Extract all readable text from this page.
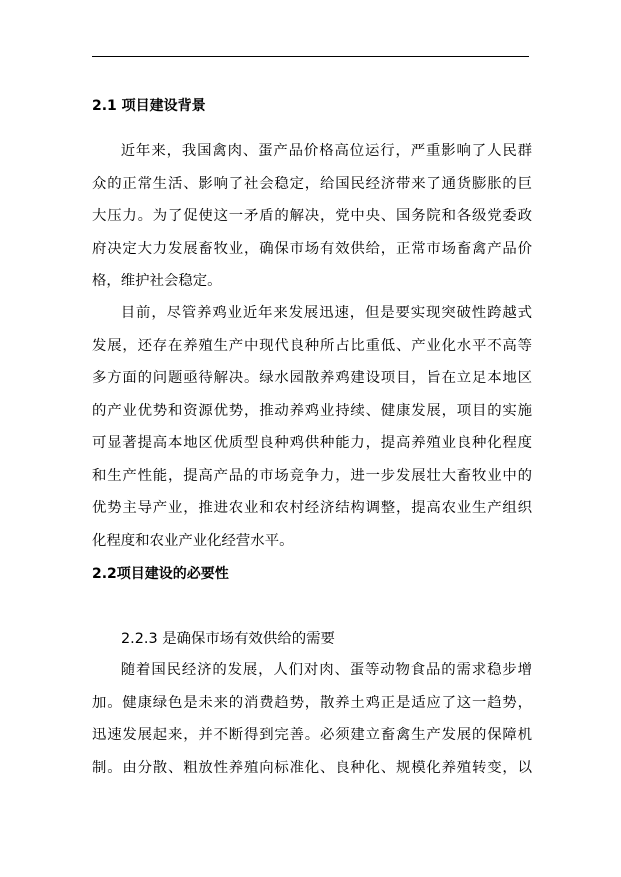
2.1 项目建设背景
近年来，我国禽肉、蛋产品价格高位运行，严重影响了人民群
众的正常生活、影响了社会稳定，给国民经济带来了通货膨胀的巨
大压力。为了促使这一矛盾的解决，党中央、国务院和各级党委政
府决定大力发展畜牧业，确保市场有效供给，正常市场畜禽产品价
格，维护社会稳定。
目前，尽管养鸡业近年来发展迅速，但是要实现突破性跨越式
发展，还存在养殖生产中现代良种所占比重低、产业化水平不高等
多方面的问题亟待解决。绿水园散养鸡建设项目，旨在立足本地区
的产业优势和资源优势，推动养鸡业持续、健康发展，项目的实施
可显著提高本地区优质型良种鸡供种能力，提高养殖业良种化程度
和生产性能，提高产品的市场竞争力，进一步发展壮大畜牧业中的
优势主导产业，推进农业和农村经济结构调整，提高农业生产组织
化程度和农业产业化经营水平。
2.2项目建设的必要性
2.2.3 是确保市场有效供给的需要
随着国民经济的发展，人们对肉、蛋等动物食品的需求稳步增
加。健康绿色是未来的消费趋势，散养土鸡正是适应了这一趋势，
迅速发展起来，并不断得到完善。必须建立畜禽生产发展的保障机
制。由分散、粗放性养殖向标准化、良种化、规模化养殖转变，以
